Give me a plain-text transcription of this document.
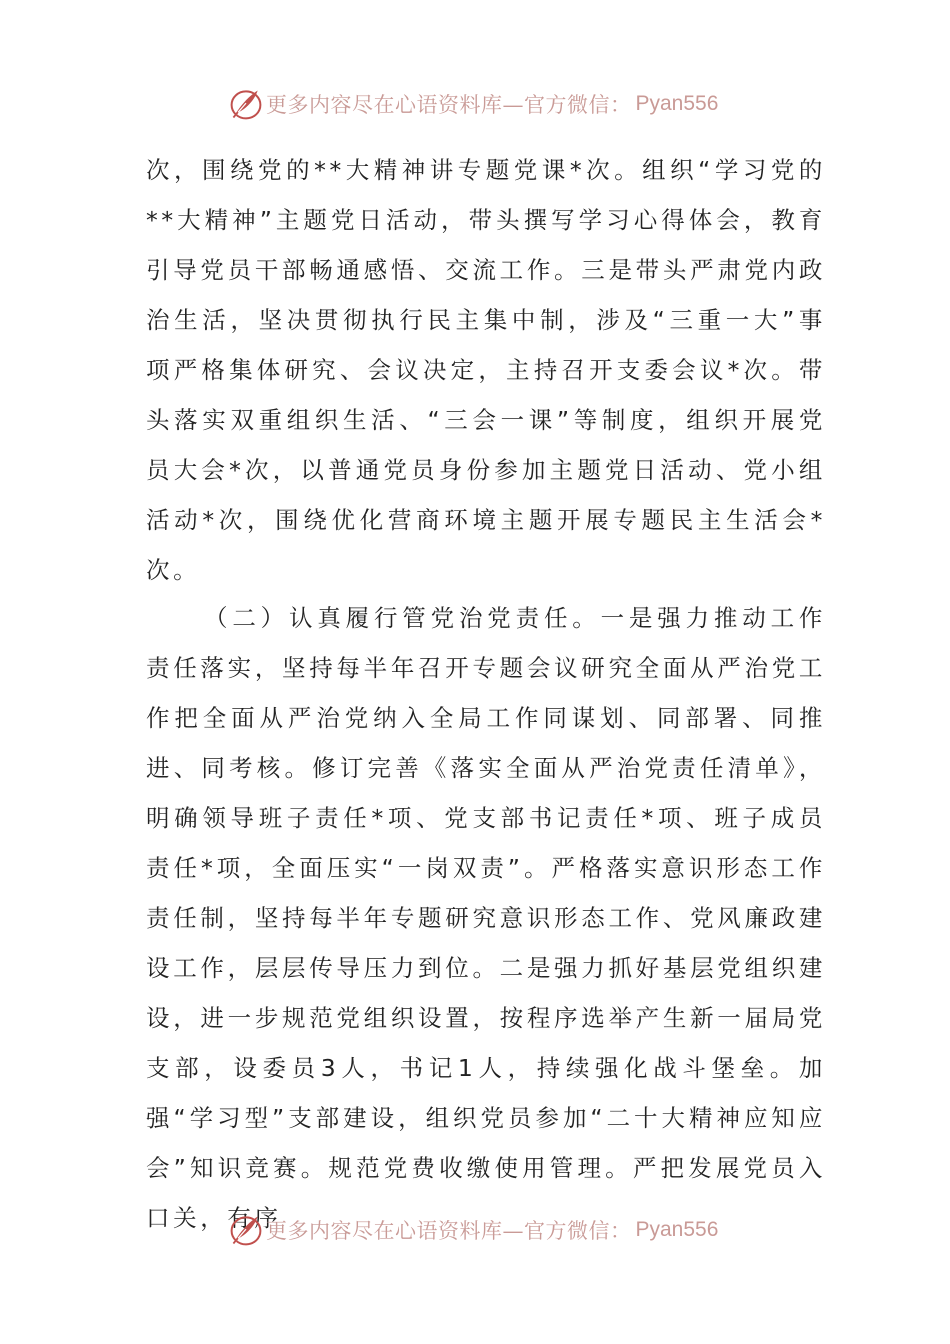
更多内容尽在心语资料库—官方微信： Pyan556

次，围绕党的**大精神讲专题党课*次。组织“学习党的**大精神”主题党日活动，带头撰写学习心得体会，教育引导党员干部畅通感悟、交流工作。三是带头严肃党内政治生活，坚决贯彻执行民主集中制，涉及“三重一大”事项严格集体研究、会议决定，主持召开支委会议*次。带头落实双重组织生活、“三会一课”等制度，组织开展党员大会*次，以普通党员身份参加主题党日活动、党小组活动*次，围绕优化营商环境主题开展专题民主生活会*次。

（二）认真履行管党治党责任。一是强力推动工作责任落实，坚持每半年召开专题会议研究全面从严治党工作把全面从严治党纳入全局工作同谋划、同部署、同推进、同考核。修订完善《落实全面从严治党责任清单》，明确领导班子责任*项、党支部书记责任*项、班子成员责任*项，全面压实“一岗双责”。严格落实意识形态工作责任制，坚持每半年专题研究意识形态工作、党风廉政建设工作，层层传导压力到位。二是强力抓好基层党组织建设，进一步规范党组织设置，按程序选举产生新一届局党支部，设委员3人，书记1人，持续强化战斗堡垒。加强“学习型”支部建设，组织党员参加“二十大精神应知应会”知识竞赛。规范党费收缴使用管理。严把发展党员入口关，有序

更多内容尽在心语资料库—官方微信： Pyan556
